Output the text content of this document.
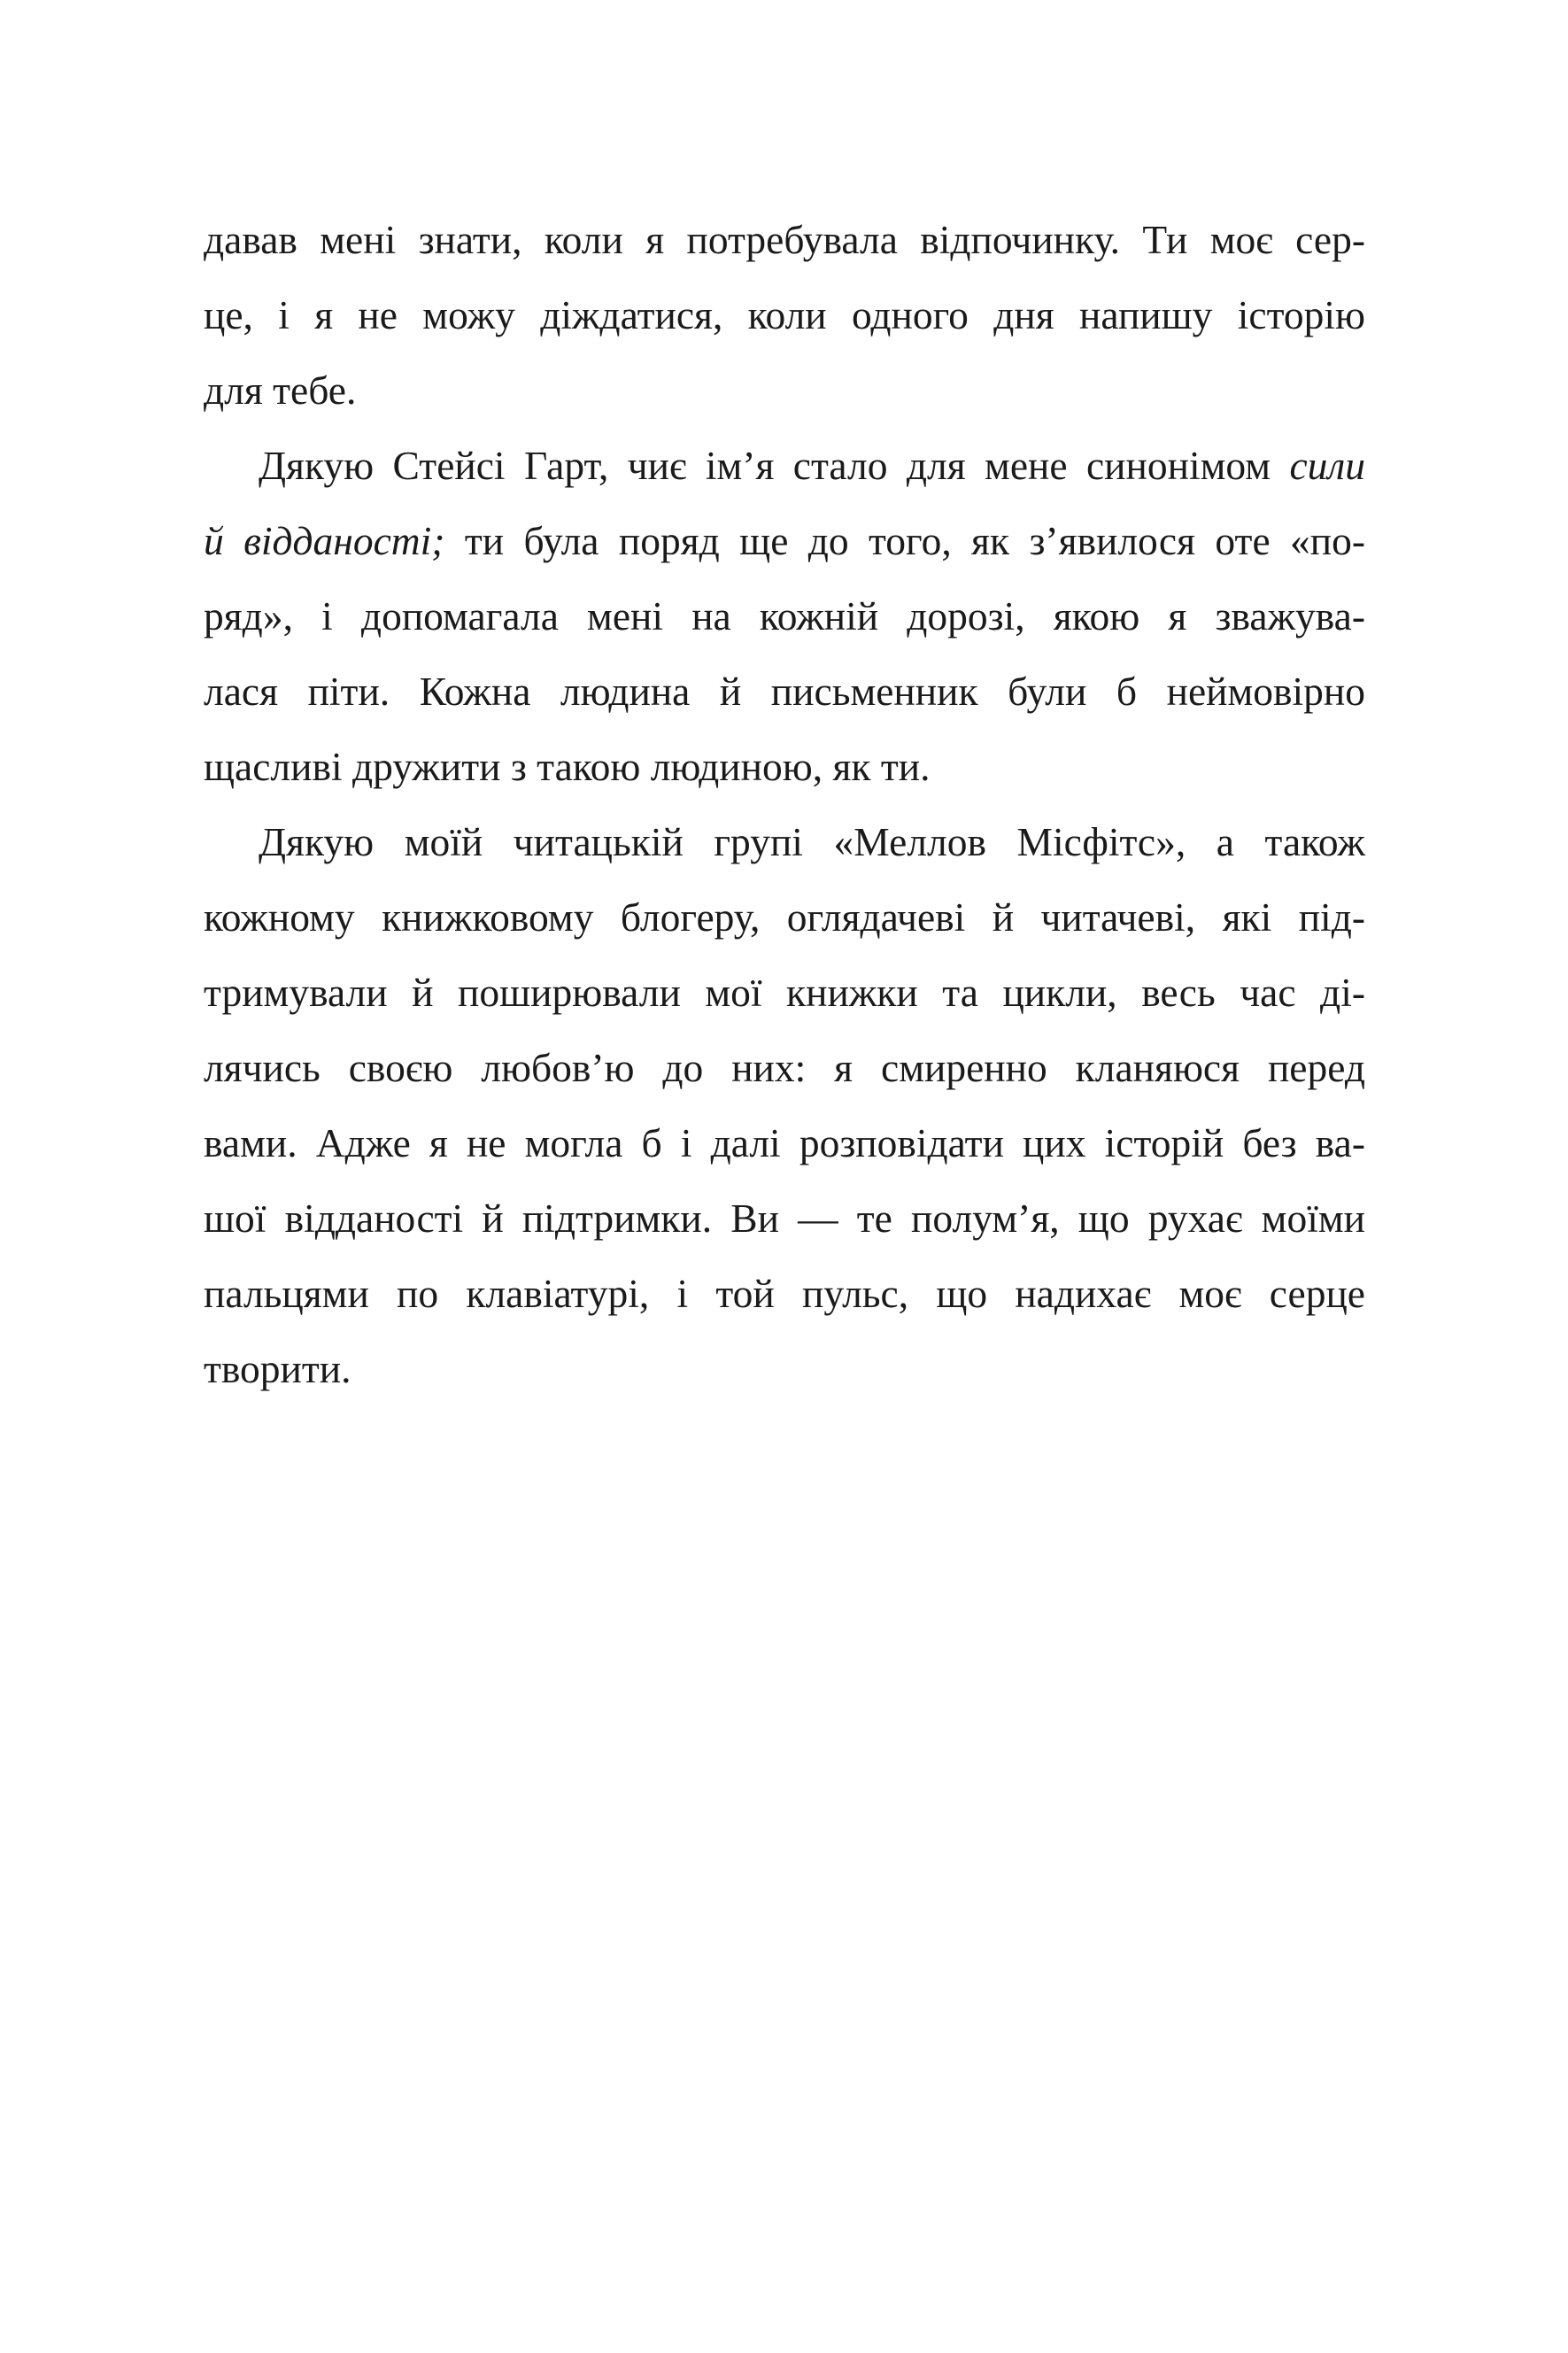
давав мені знати, коли я потребувала відпочинку. Ти моє сер-
це, і я не можу діждатися, коли одного дня напишу історію
для тебе.
Дякую Стейсі Гарт, чиє ім’я стало для мене синонімом сили
й відданості; ти була поряд ще до того, як з’явилося оте «по-
ряд», і допомагала мені на кожній дорозі, якою я зважува-
лася піти. Кожна людина й письменник були б неймовірно
щасливі дружити з такою людиною, як ти.
Дякую моїй читацькій групі «Меллов Місфітс», а також
кожному книжковому блогеру, оглядачеві й читачеві, які під-
тримували й поширювали мої книжки та цикли, весь час ді-
лячись своєю любов’ю до них: я смиренно кланяюся перед
вами. Адже я не могла б і далі розповідати цих історій без ва-
шої відданості й підтримки. Ви — те полум’я, що рухає моїми
пальцями по клавіатурі, і той пульс, що надихає моє серце
творити.
